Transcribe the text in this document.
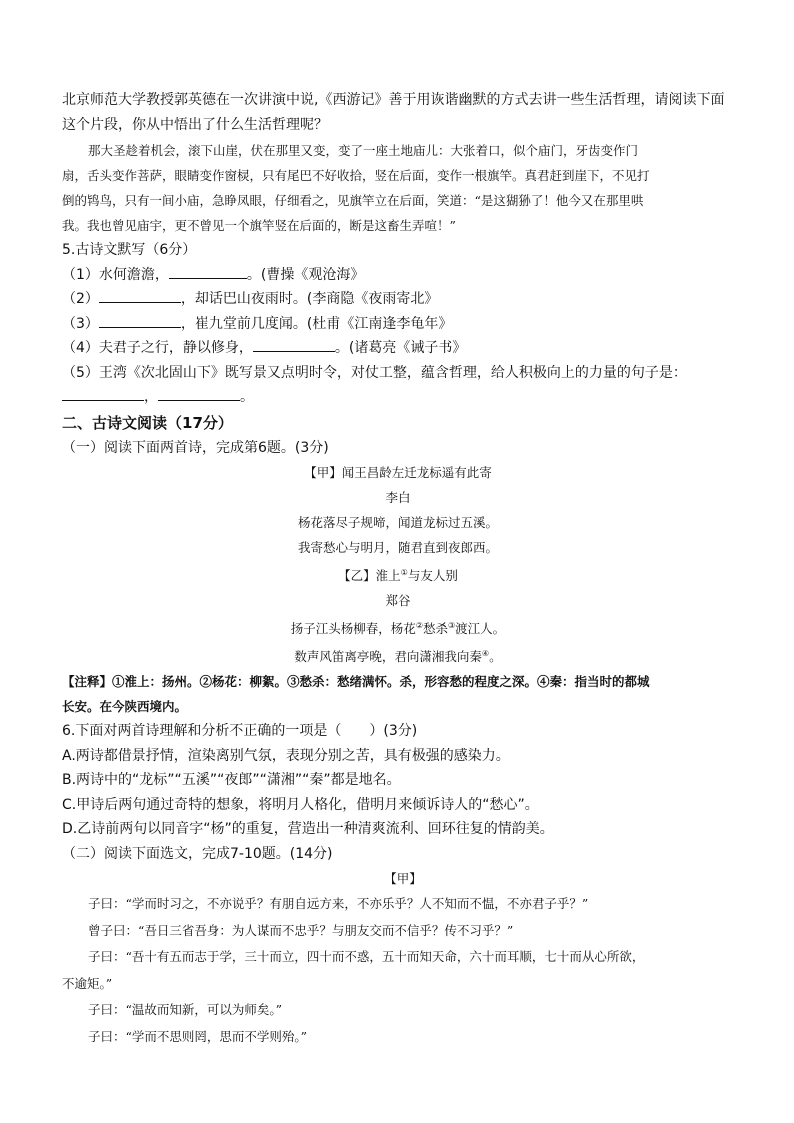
北京师范大学教授郭英德在一次讲演中说,《西游记》善于用诙谐幽默的方式去讲一些生活哲理，请阅读下面
这个片段，你从中悟出了什么生活哲理呢？
那大圣趁着机会，滚下山崖，伏在那里又变，变了一座土地庙儿：大张着口，似个庙门，牙齿变作门
扇，舌头变作菩萨，眼睛变作窗棂，只有尾巴不好收拾，竖在后面，变作一根旗竿。真君赶到崖下，不见打
倒的鸨鸟，只有一间小庙，急睁凤眼，仔细看之，见旗竿立在后面，笑道：“是这猢狲了！他今又在那里哄
我。我也曾见庙宇，更不曾见一个旗竿竖在后面的，断是这畜生弄喧！”
5.古诗文默写（6分）
（1）水何澹澹，	。(曹操《观沧海》
（2）	，却话巴山夜雨时。(李商隐《夜雨寄北》
（3）	，崔九堂前几度闻。(杜甫《江南逢李龟年》
（4）夫君子之行，静以修身，	。(诸葛亮《诫子书》
（5）王湾《次北固山下》既写景又点明时令，对仗工整，蕴含哲理，给人积极向上的力量的句子是：
，	。
二、古诗文阅读（17分）
（一）阅读下面两首诗，完成第6题。(3分)
【甲】闻王昌龄左迁龙标遥有此寄
李白
杨花落尽子规啼，闻道龙标过五溪。
我寄愁心与明月，随君直到夜郎西。
【乙】淮上①与友人别
郑谷
扬子江头杨柳春，杨花②愁杀③渡江人。
数声风笛离亭晚，君向潇湘我向秦④。
【注释】①淮上：扬州。②杨花：柳絮。③愁杀：愁绪满怀。杀，形容愁的程度之深。④秦：指当时的都城
长安。在今陕西境内。
6.下面对两首诗理解和分析不正确的一项是（　　）(3分)
A.两诗都借景抒情，渲染离别气氛，表现分别之苦，具有极强的感染力。
B.两诗中的“龙标”“五溪”“夜郎”“潇湘”“秦”都是地名。
C.甲诗后两句通过奇特的想象，将明月人格化，借明月来倾诉诗人的“愁心”。
D.乙诗前两句以同音字“杨”的重复，营造出一种清爽流利、回环往复的情韵美。
（二）阅读下面选文，完成7-10题。(14分)
【甲】
子曰：“学而时习之，不亦说乎？有朋自远方来，不亦乐乎？人不知而不愠，不亦君子乎？”
曾子曰：“吾日三省吾身：为人谋而不忠乎？与朋友交而不信乎？传不习乎？”
子曰：“吾十有五而志于学，三十而立，四十而不惑，五十而知天命，六十而耳顺，七十而从心所欲，
不逾矩。”
子曰：“温故而知新，可以为师矣。”
子曰：“学而不思则罔，思而不学则殆。”
